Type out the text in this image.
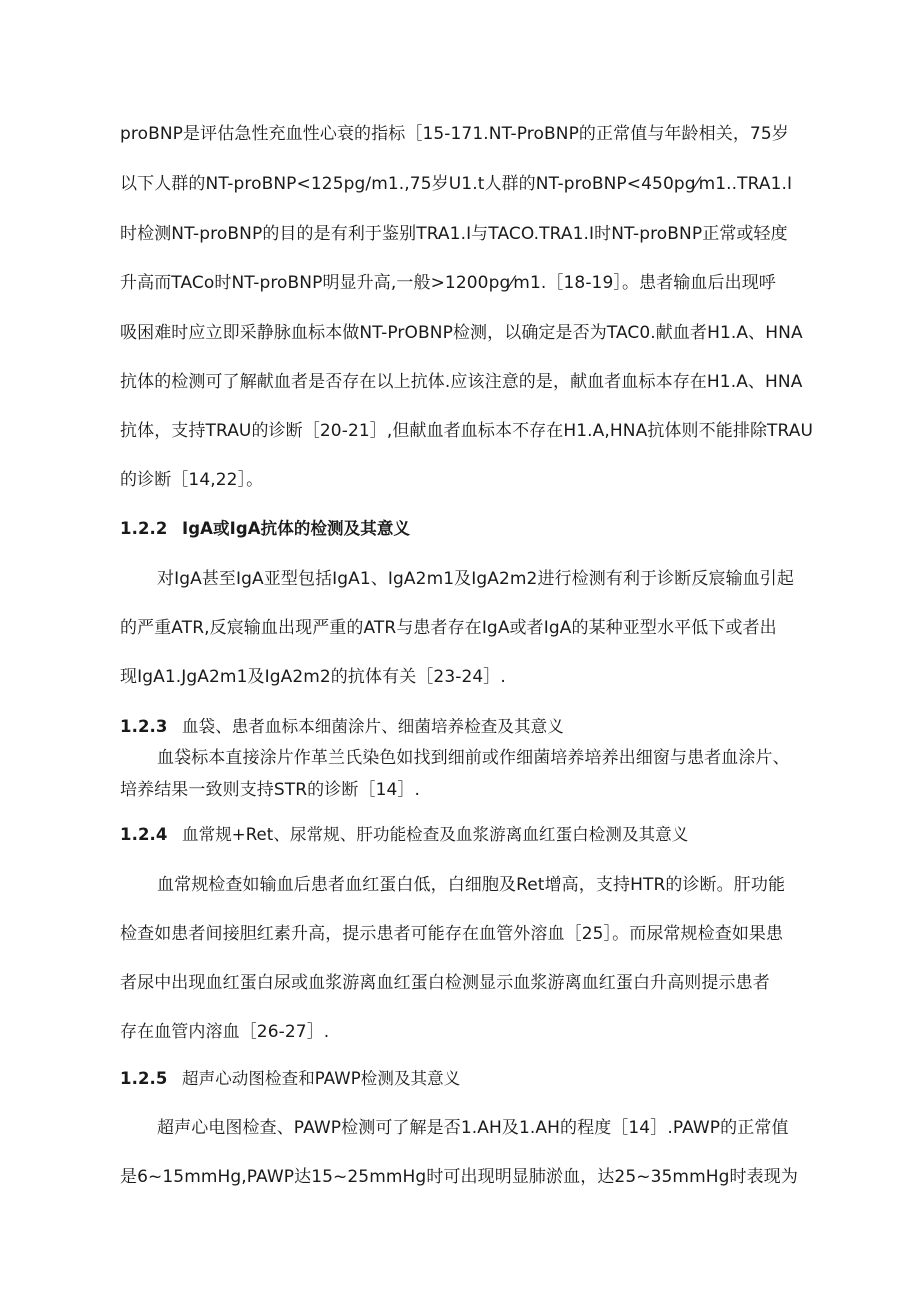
proBNP是评估急性充血性心衰的指标［15-171.NT-ProBNP的正常值与年龄相关，75岁
以下人群的NT-proBNP<125pg/m1.,75岁U1.t人群的NT-proBNP<450pg⁄m1..TRA1.I
时检测NT-proBNP的目的是有利于鉴别TRA1.I与TACO.TRA1.I时NT-proBNP正常或轻度
升高而TACo时NT-proBNP明显升高,一般>1200pg⁄m1.［18-19］。患者输血后出现呼
吸困难时应立即采静脉血标本做NT-PrOBNP检测，以确定是否为TAC0.献血者H1.A、HNA
抗体的检测可了解献血者是否存在以上抗体.应该注意的是，献血者血标本存在H1.A、HNA
抗体，支持TRAU的诊断［20-21］,但献血者血标本不存在H1.A,HNA抗体则不能排除TRAU
的诊断［14,22］。
1.2.2 IgA或IgA抗体的检测及其意义
对IgA甚至IgA亚型包括IgA1、IgA2m1及IgA2m2进行检测有利于诊断反宸输血引起
的严重ATR,反宸输血出现严重的ATR与患者存在IgA或者IgA的某种亚型水平低下或者出
现IgA1.JgA2m1及IgA2m2的抗体有关［23-24］.
1.2.3 血袋、患者血标本细菌涂片、细菌培养检查及其意义
血袋标本直接涂片作革兰氏染色如找到细前或作细菌培养培养出细窗与患者血涂片、
培养结果一致则支持STR的诊断［14］.
1.2.4 血常规+Ret、尿常规、肝功能检查及血浆游离血红蛋白检测及其意义
血常规检查如输血后患者血红蛋白低，白细胞及Ret增高，支持HTR的诊断。肝功能
检查如患者间接胆红素升高，提示患者可能存在血管外溶血［25］。而尿常规检查如果患
者尿中出现血红蛋白尿或血浆游离血红蛋白检测显示血浆游离血红蛋白升高则提示患者
存在血管内溶血［26-27］.
1.2.5 超声心动图检查和PAWP检测及其意义
超声心电图检查、PAWP检测可了解是否1.AH及1.AH的程度［14］.PAWP的正常值
是6~15mmHg,PAWP达15~25mmHg时可出现明显肺淤血，达25~35mmHg时表现为
